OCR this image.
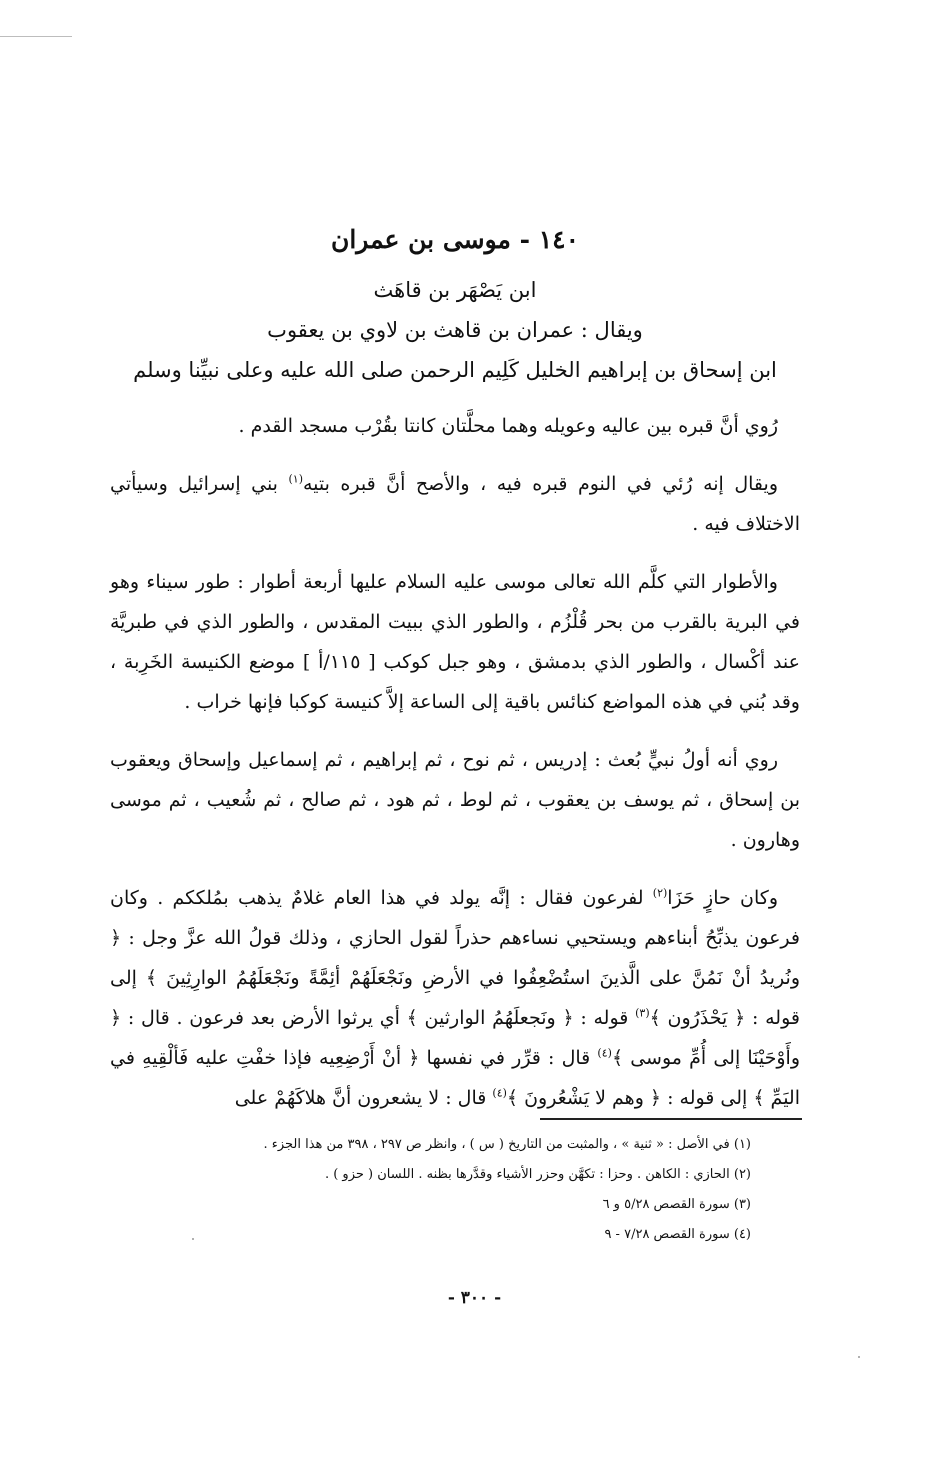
١٤٠ - موسى بن عمران

ابن يَصْهَر بن قاهَث

ويقال : عمران بن قاهث بن لاوي بن يعقوب

ابن إسحاق بن إبراهيم الخليل كَلِيم الرحمن صلى الله عليه وعلى نبيِّنا وسلم

رُوي أنَّ قبره بين عاليه وعويله وهما محلَّتان كانتا بقُرْب مسجد القدم .

ويقال إنه رُئي في النوم قبره فيه ، والأصح أنَّ قبره بتيه$^{(١)}$ بني إسرائيل وسيأتي الاختلاف فيه .

والأطوار التي كلَّم الله تعالى موسى عليه السلام عليها أربعة أطوار : طور سيناء وهو في البرية بالقرب من بحر قُلْزُم ، والطور الذي ببيت المقدس ، والطور الذي في طبريَّة عند أكْسال ، والطور الذي بدمشق ، وهو جبل كوكب [ ١١٥/أ ] موضع الكنيسة الخَرِبة ، وقد بُني في هذه المواضع كنائس باقية إلى الساعة إلاَّ كنيسة كوكبا فإنها خراب .

روي أنه أولُ نبيٍّ بُعث : إدريس ، ثم نوح ، ثم إبراهيم ، ثم إسماعيل وإسحاق ويعقوب بن إسحاق ، ثم يوسف بن يعقوب ، ثم لوط ، ثم هود ، ثم صالح ، ثم شُعيب ، ثم موسى وهارون .

وكان حازٍ حَزَا$^{(٢)}$ لفرعون فقال : إنَّه يولد في هذا العام غلامٌ يذهب بمُلككم . وكان فرعون يذبِّحُ أبناءهم ويستحيي نساءهم حذراً لقول الحازي ، وذلك قولُ الله عزَّ وجل : ﴿ ونُريدُ أنْ نَمُنَّ على الَّذينَ استُضْعِفُوا في الأرضِ ونَجْعَلَهُمْ أئِمَّةً ونَجْعَلَهُمُ الوارِثِينَ ﴾ إلى قوله : ﴿ يَحْذَرُون ﴾$^{(٣)}$ قوله : ﴿ ونَجعلَهُمُ الوارثين ﴾ أي يرثوا الأرض بعد فرعون . قال : ﴿ وأَوْحَيْنَا إلى أُمِّ موسى ﴾$^{(٤)}$ قال : قرِّر في نفسها ﴿ أنْ أَرْضِعِيه فإذا خفْتِ عليه فَألْقِيهِ في اليَمِّ ﴾ إلى قوله : ﴿ وهم لا يَشْعُرونَ ﴾$^{(٤)}$ قال : لا يشعرون أنَّ هلاكَهُمْ على

(١) في الأصل : « ثنية » ، والمثبت من التاريخ ( س ) ، وانظر ص ٢٩٧ ، ٣٩٨ من هذا الجزء .

(٢) الحازي : الكاهن . وحزا : تكهَّن وحزر الأشياء وقدَّرها بظنه . اللسان ( حزو ) .

(٣) سورة القصص ٥/٢٨ و ٦

(٤) سورة القصص ٧/٢٨ - ٩

- ٣٠٠ -
